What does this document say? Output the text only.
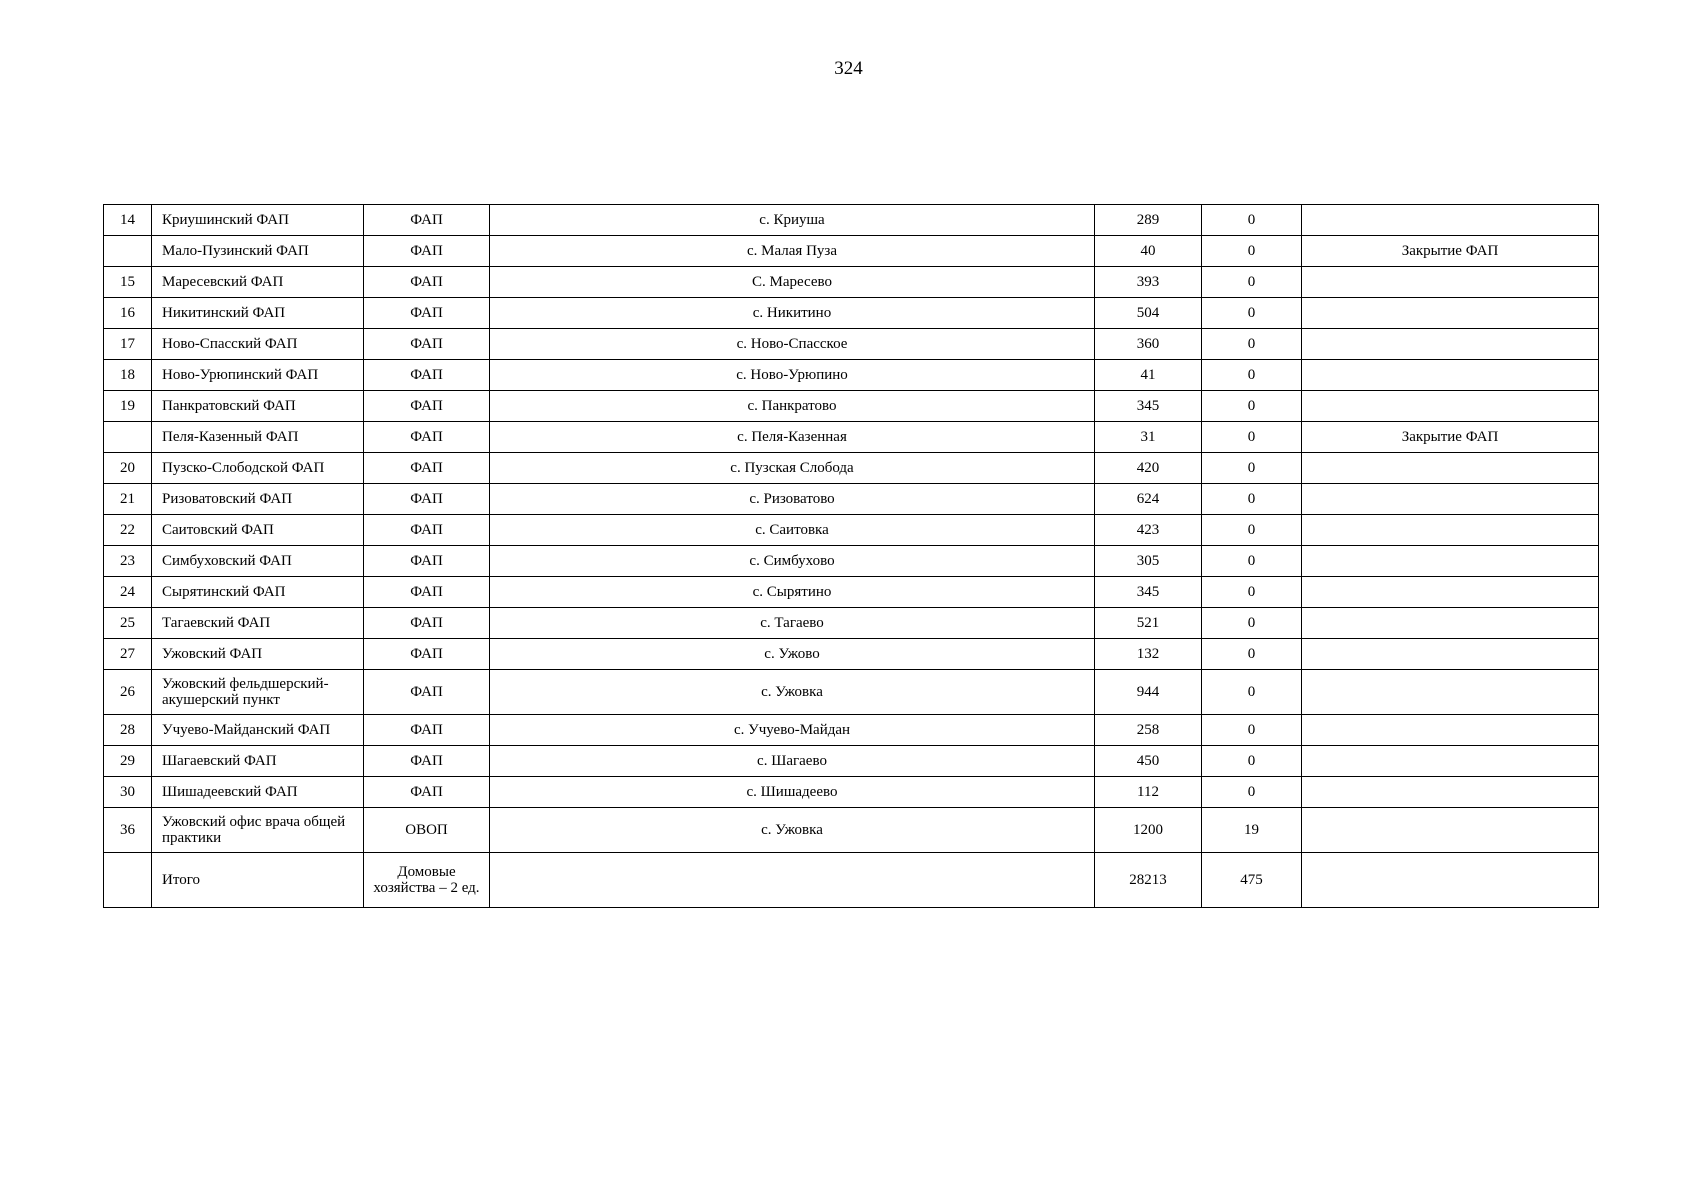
324
14	Криушинский ФАП	ФАП	с. Криуша	289	0	
	Мало-Пузинский ФАП	ФАП	с. Малая Пуза	40	0	Закрытие ФАП
15	Маресевский ФАП	ФАП	С. Маресево	393	0	
16	Никитинский ФАП	ФАП	с. Никитино	504	0	
17	Ново-Спасский ФАП	ФАП	с. Ново-Спасское	360	0	
18	Ново-Урюпинский ФАП	ФАП	с. Ново-Урюпино	41	0	
19	Панкратовский ФАП	ФАП	с. Панкратово	345	0	
	Пеля-Казенный ФАП	ФАП	с. Пеля-Казенная	31	0	Закрытие ФАП
20	Пузско-Слободской ФАП	ФАП	с. Пузская Слобода	420	0	
21	Ризоватовский ФАП	ФАП	с. Ризоватово	624	0	
22	Саитовский ФАП	ФАП	с. Саитовка	423	0	
23	Симбуховский ФАП	ФАП	с. Симбухово	305	0	
24	Сырятинский ФАП	ФАП	с. Сырятино	345	0	
25	Тагаевский ФАП	ФАП	с. Тагаево	521	0	
27	Ужовский ФАП	ФАП	с. Ужово	132	0	
26	Ужовский фельдшерский-акушерский пункт	ФАП	с. Ужовка	944	0	
28	Учуево-Майданский ФАП	ФАП	с. Учуево-Майдан	258	0	
29	Шагаевский ФАП	ФАП	с. Шагаево	450	0	
30	Шишадеевский ФАП	ФАП	с. Шишадеево	112	0	
36	Ужовский офис врача общей практики	ОВОП	с. Ужовка	1200	19	
	Итого	Домовые хозяйства – 2 ед.		28213	475	
